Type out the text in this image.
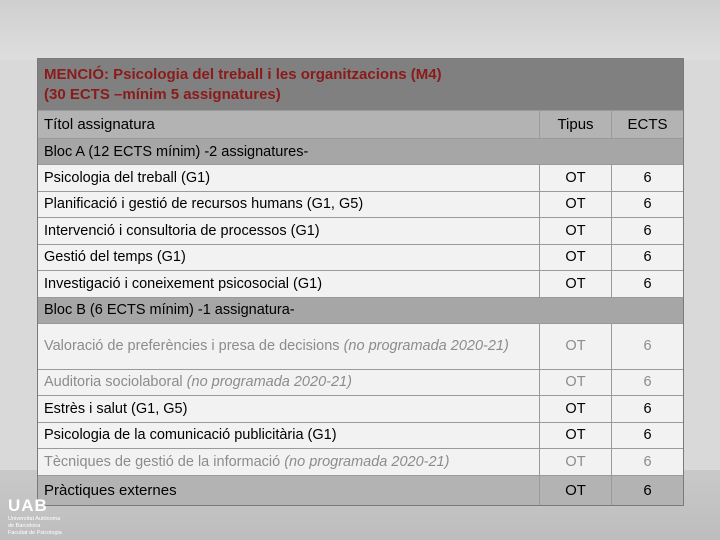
MENCIÓ: Psicologia del treball i les organitzacions (M4)
(30 ECTS –mínim 5 assignatures)
Títol assignatura	Tipus	ECTS
Bloc A (12 ECTS mínim) -2 assignatures-
Psicologia del treball (G1)	OT	6
Planificació i gestió de recursos humans (G1, G5)	OT	6
Intervenció i consultoria de processos (G1)	OT	6
Gestió del temps (G1)	OT	6
Investigació i coneixement psicosocial (G1)	OT	6
Bloc B (6 ECTS mínim) -1 assignatura-
Valoració de preferències i presa de decisions (no programada 2020-21)	OT	6
Auditoria sociolaboral (no programada 2020-21)	OT	6
Estrès i salut (G1, G5)	OT	6
Psicologia de la comunicació publicitària (G1)	OT	6
Tècniques de gestió de la informació (no programada 2020-21)	OT	6
Pràctiques externes	OT	6
UAB
Universitat Autònoma
de Barcelona
Facultat de Psicologia
